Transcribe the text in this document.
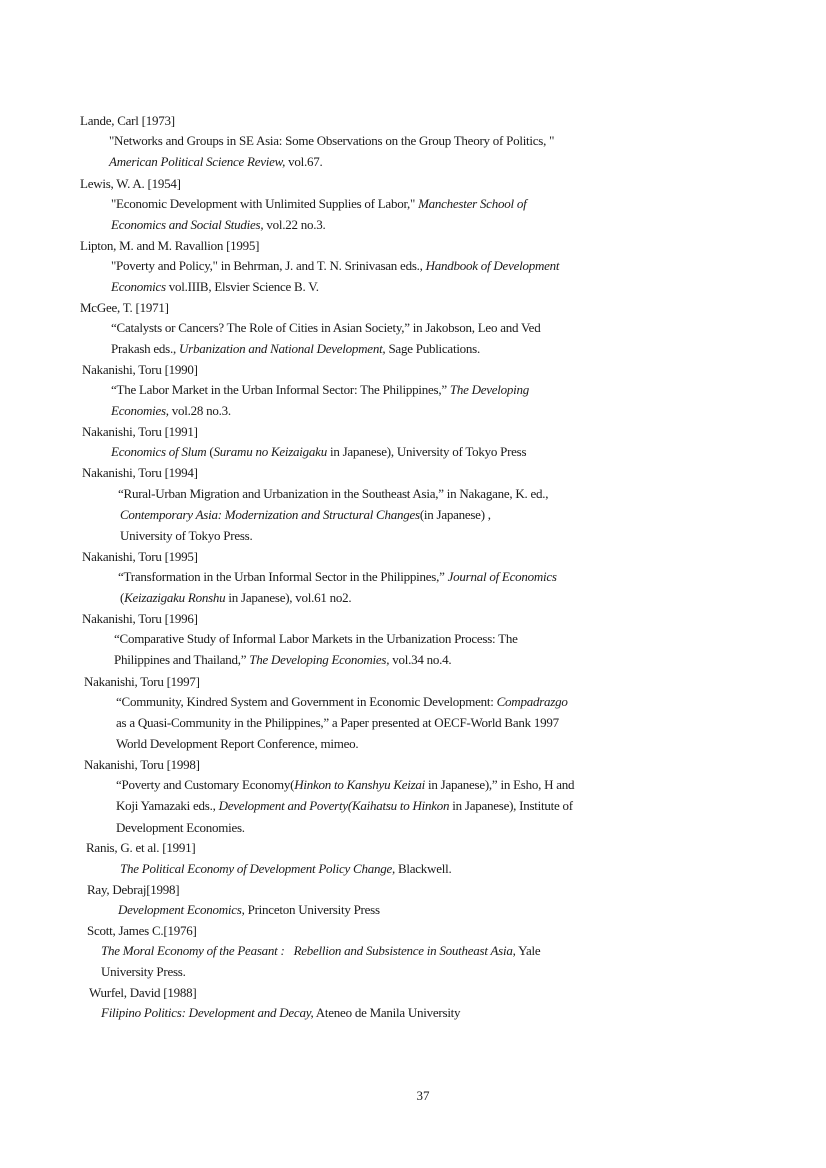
Lande, Carl [1973]
"Networks and Groups in SE Asia: Some Observations on the Group Theory of Politics, "
American Political Science Review, vol.67.
Lewis, W. A. [1954]
"Economic Development with Unlimited Supplies of Labor," Manchester School of
Economics and Social Studies, vol.22 no.3.
Lipton, M. and M. Ravallion [1995]
"Poverty and Policy," in Behrman, J. and T. N. Srinivasan eds., Handbook of Development
Economics vol.IIIB, Elsvier Science B. V.
McGee, T. [1971]
“Catalysts or Cancers? The Role of Cities in Asian Society,” in Jakobson, Leo and Ved
Prakash eds., Urbanization and National Development, Sage Publications.
Nakanishi, Toru [1990]
“The Labor Market in the Urban Informal Sector: The Philippines,” The Developing
Economies, vol.28 no.3.
Nakanishi, Toru [1991]
Economics of Slum (Suramu no Keizaigaku in Japanese), University of Tokyo Press
Nakanishi, Toru [1994]
“Rural-Urban Migration and Urbanization in the Southeast Asia,” in Nakagane, K. ed.,
Contemporary Asia: Modernization and Structural Changes(in Japanese) ,
University of Tokyo Press.
Nakanishi, Toru [1995]
“Transformation in the Urban Informal Sector in the Philippines,” Journal of Economics
(Keizazigaku Ronshu in Japanese), vol.61 no2.
Nakanishi, Toru [1996]
“Comparative Study of Informal Labor Markets in the Urbanization Process: The
Philippines and Thailand,” The Developing Economies, vol.34 no.4.
Nakanishi, Toru [1997]
“Community, Kindred System and Government in Economic Development: Compadrazgo
as a Quasi-Community in the Philippines,” a Paper presented at OECF-World Bank 1997
World Development Report Conference, mimeo.
Nakanishi, Toru [1998]
“Poverty and Customary Economy(Hinkon to Kanshyu Keizai in Japanese),” in Esho, H and
Koji Yamazaki eds., Development and Poverty(Kaihatsu to Hinkon in Japanese), Institute of
Development Economies.
Ranis, G. et al. [1991]
The Political Economy of Development Policy Change, Blackwell.
Ray, Debraj[1998]
Development Economics, Princeton University Press
Scott, James C.[1976]
The Moral Economy of the Peasant :   Rebellion and Subsistence in Southeast Asia, Yale
University Press.
Wurfel, David [1988]
Filipino Politics: Development and Decay, Ateneo de Manila University
37
